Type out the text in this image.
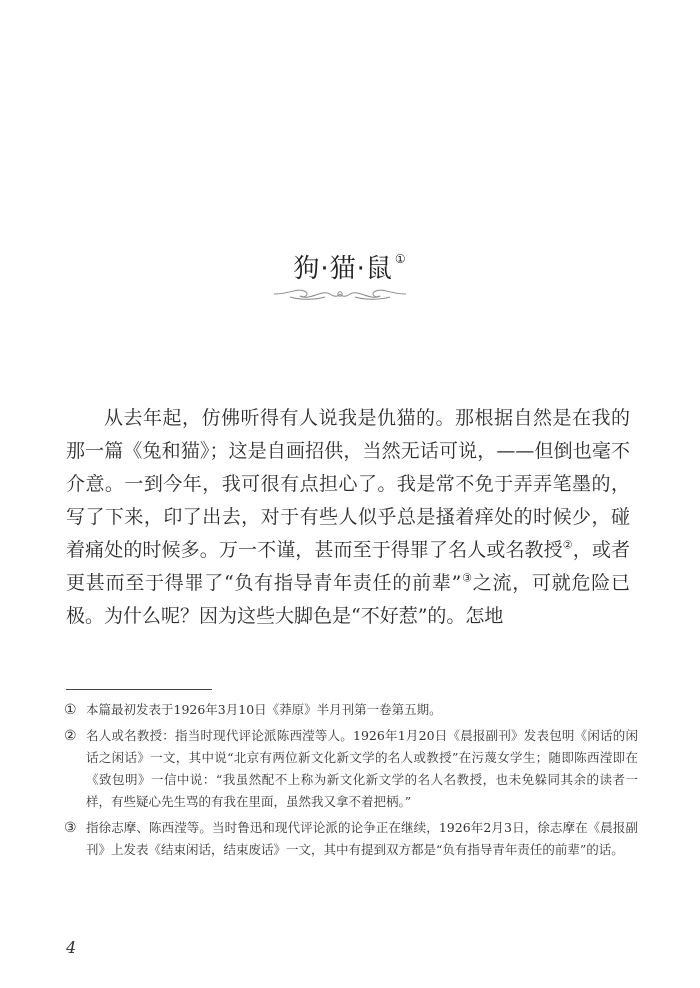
狗·猫·鼠 ①

从去年起，仿佛听得有人说我是仇猫的。那根据自然是在我的那一篇《兔和猫》；这是自画招供，当然无话可说，——但倒也毫不介意。一到今年，我可很有点担心了。我是常不免于弄弄笔墨的，写了下来，印了出去，对于有些人似乎总是搔着痒处的时候少，碰着痛处的时候多。万一不谨，甚而至于得罪了名人或名教授②，或者更甚而至于得罪了“负有指导青年责任的前辈”③之流，可就危险已极。为什么呢？因为这些大脚色是“不好惹”的。怎地

① 本篇最初发表于1926年3月10日《莽原》半月刊第一卷第五期。
② 名人或名教授：指当时现代评论派陈西滢等人。1926年1月20日《晨报副刊》发表包明《闲话的闲话之闲话》一文，其中说“北京有两位新文化新文学的名人或教授”在污蔑女学生；随即陈西滢即在《致包明》一信中说：“我虽然配不上称为新文化新文学的名人名教授，也未免躲同其余的读者一样，有些疑心先生骂的有我在里面，虽然我又拿不着把柄。”
③ 指徐志摩、陈西滢等。当时鲁迅和现代评论派的论争正在继续，1926年2月3日，徐志摩在《晨报副刊》上发表《结束闲话，结束废话》一文，其中有提到双方都是“负有指导青年责任的前辈”的话。
4
